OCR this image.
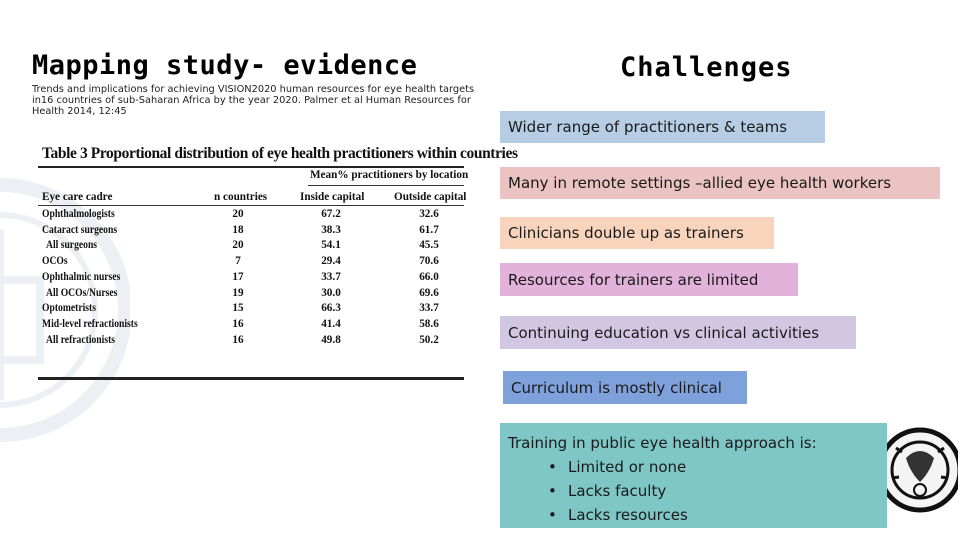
Mapping study- evidence
Trends and implications for achieving VISION2020 human resources for eye health targets in16 countries of sub-Saharan Africa by the year 2020. Palmer et al Human Resources for Health 2014, 12:45
Challenges
Table 3 Proportional distribution of eye health practitioners within countries
Mean% practitioners by location
Eye care cadre	n countries	Inside capital	Outside capital
Ophthalmologists	20	67.2	32.6
Cataract surgeons	18	38.3	61.7
All surgeons	20	54.1	45.5
OCOs	7	29.4	70.6
Ophthalmic nurses	17	33.7	66.0
All OCOs/Nurses	19	30.0	69.6
Optometrists	15	66.3	33.7
Mid-level refractionists	16	41.4	58.6
All refractionists	16	49.8	50.2
Wider range of practitioners & teams
Many in remote settings –allied eye health workers
Clinicians double up as trainers
Resources for trainers are limited
Continuing education vs clinical activities
Curriculum is mostly clinical
Training in public eye health approach is:
• Limited or none
• Lacks faculty
• Lacks resources
